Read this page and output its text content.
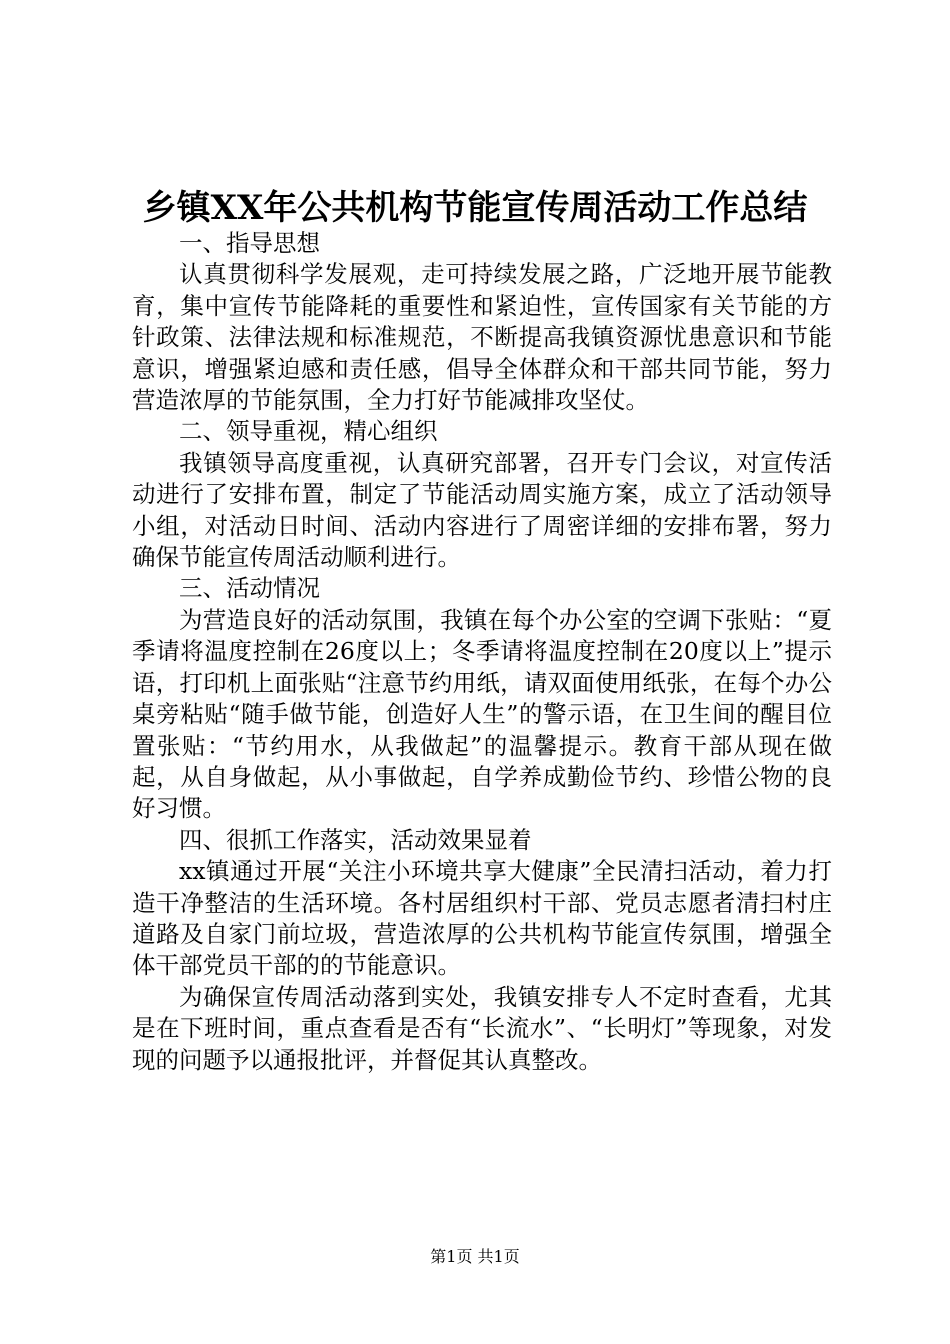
乡镇XX年公共机构节能宣传周活动工作总结

一、指导思想

认真贯彻科学发展观，走可持续发展之路，广泛地开展节能教育，集中宣传节能降耗的重要性和紧迫性，宣传国家有关节能的方针政策、法律法规和标准规范，不断提高我镇资源忧患意识和节能意识，增强紧迫感和责任感，倡导全体群众和干部共同节能，努力营造浓厚的节能氛围，全力打好节能减排攻坚仗。

二、领导重视，精心组织

我镇领导高度重视，认真研究部署，召开专门会议，对宣传活动进行了安排布置，制定了节能活动周实施方案，成立了活动领导小组，对活动日时间、活动内容进行了周密详细的安排布署，努力确保节能宣传周活动顺利进行。

三、活动情况

为营造良好的活动氛围，我镇在每个办公室的空调下张贴：“夏季请将温度控制在26度以上；冬季请将温度控制在20度以上”提示语，打印机上面张贴“注意节约用纸，请双面使用纸张，在每个办公桌旁粘贴“随手做节能，创造好人生”的警示语，在卫生间的醒目位置张贴：“节约用水，从我做起”的温馨提示。教育干部从现在做起，从自身做起，从小事做起，自学养成勤俭节约、珍惜公物的良好习惯。

四、很抓工作落实，活动效果显着

xx镇通过开展“关注小环境共享大健康”全民清扫活动，着力打造干净整洁的生活环境。各村居组织村干部、党员志愿者清扫村庄道路及自家门前垃圾，营造浓厚的公共机构节能宣传氛围，增强全体干部党员干部的的节能意识。

为确保宣传周活动落到实处，我镇安排专人不定时查看，尤其是在下班时间，重点查看是否有“长流水”、“长明灯”等现象，对发现的问题予以通报批评，并督促其认真整改。

第1页 共1页
